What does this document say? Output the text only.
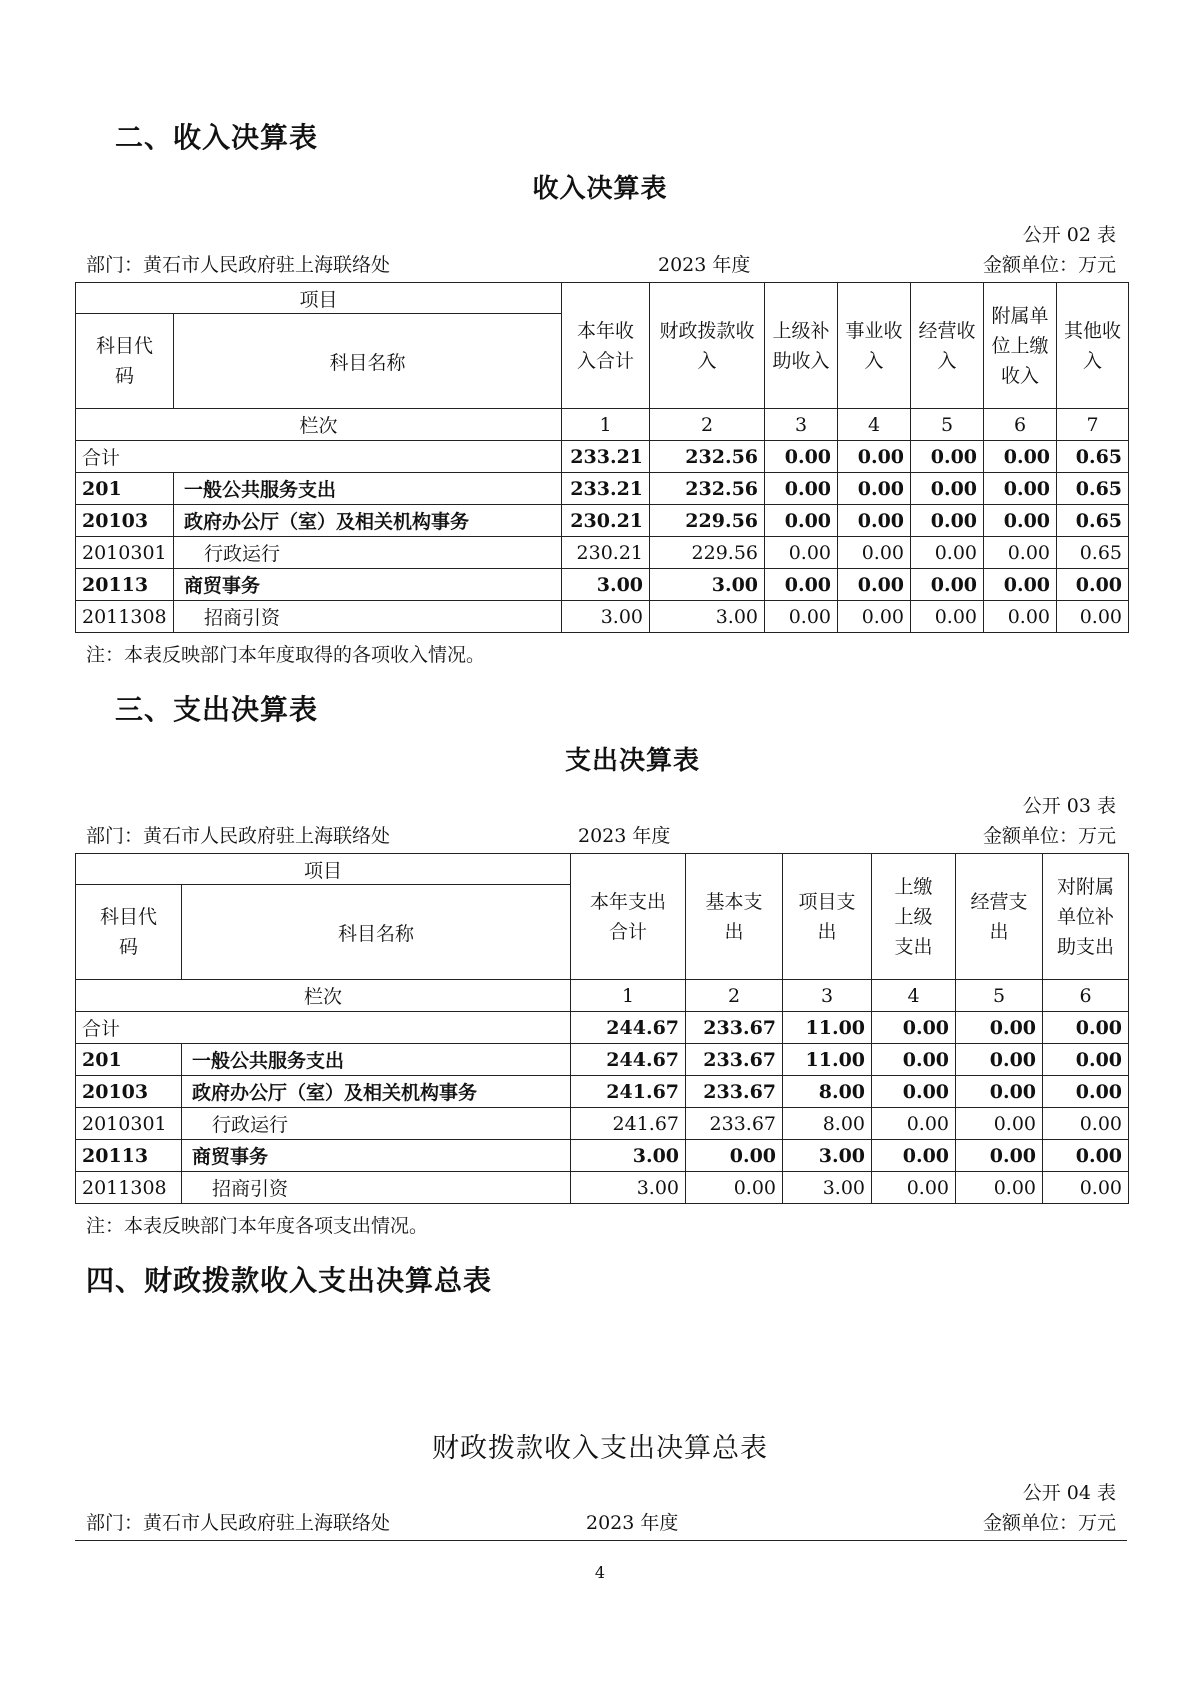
二、收入决算表
收入决算表
公开 02 表
部门：黄石市人民政府驻上海联络处	2023 年度	金额单位：万元
项目		本年收入合计	财政拨款收入	上级补助收入	事业收入	经营收入	附属单位上缴收入	其他收入
科目代码	科目名称							
栏次		1	2	3	4	5	6	7
合计		233.21	232.56	0.00	0.00	0.00	0.00	0.65
201	一般公共服务支出	233.21	232.56	0.00	0.00	0.00	0.00	0.65
20103	政府办公厅（室）及相关机构事务	230.21	229.56	0.00	0.00	0.00	0.00	0.65
2010301	行政运行	230.21	229.56	0.00	0.00	0.00	0.00	0.65
20113	商贸事务	3.00	3.00	0.00	0.00	0.00	0.00	0.00
2011308	招商引资	3.00	3.00	0.00	0.00	0.00	0.00	0.00
注：本表反映部门本年度取得的各项收入情况。
三、支出决算表
支出决算表
公开 03 表
部门：黄石市人民政府驻上海联络处	2023 年度	金额单位：万元
项目		本年支出合计	基本支出	项目支出	上缴上级支出	经营支出	对附属单位补助支出
科目代码	科目名称						
栏次		1	2	3	4	5	6
合计		244.67	233.67	11.00	0.00	0.00	0.00
201	一般公共服务支出	244.67	233.67	11.00	0.00	0.00	0.00
20103	政府办公厅（室）及相关机构事务	241.67	233.67	8.00	0.00	0.00	0.00
2010301	行政运行	241.67	233.67	8.00	0.00	0.00	0.00
20113	商贸事务	3.00	0.00	3.00	0.00	0.00	0.00
2011308	招商引资	3.00	0.00	3.00	0.00	0.00	0.00
注：本表反映部门本年度各项支出情况。
四、财政拨款收入支出决算总表
财政拨款收入支出决算总表
公开 04 表
部门：黄石市人民政府驻上海联络处	2023 年度	金额单位：万元
4
